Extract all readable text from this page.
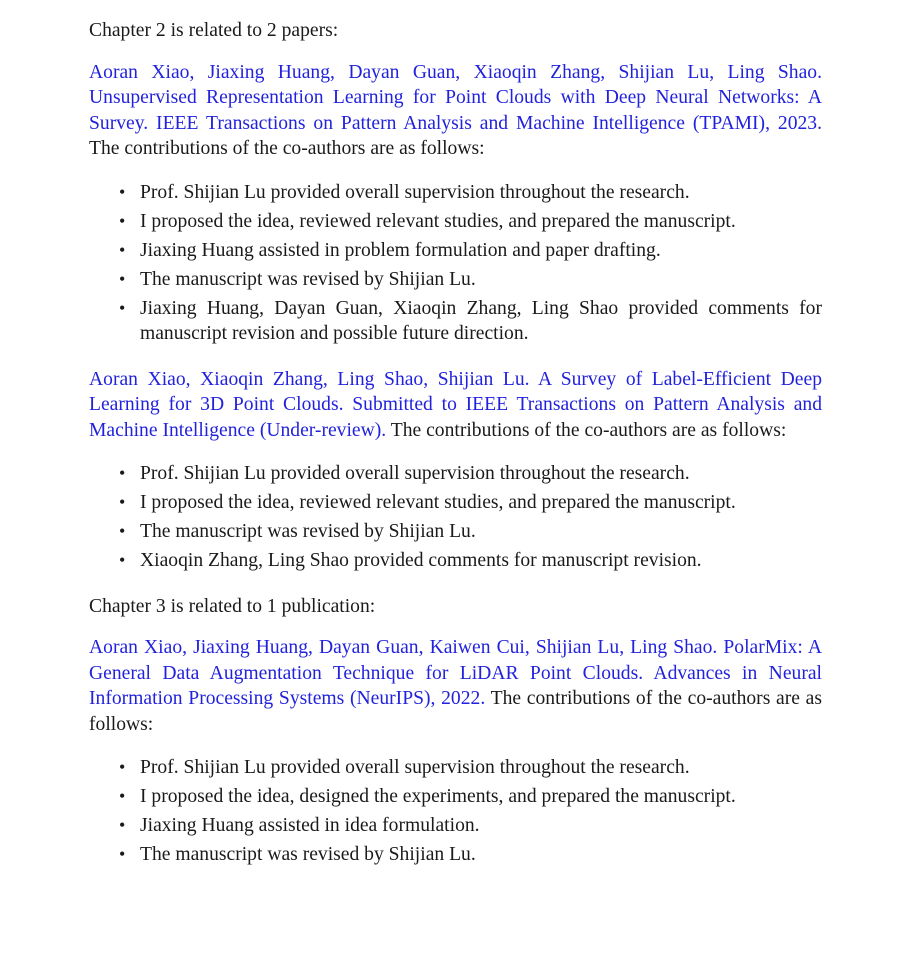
Chapter 2 is related to 2 papers:

Aoran Xiao, Jiaxing Huang, Dayan Guan, Xiaoqin Zhang, Shijian Lu, Ling Shao. Unsupervised Representation Learning for Point Clouds with Deep Neural Networks: A Survey. IEEE Transactions on Pattern Analysis and Machine Intelligence (TPAMI), 2023. The contributions of the co-authors are as follows:

• Prof. Shijian Lu provided overall supervision throughout the research.
• I proposed the idea, reviewed relevant studies, and prepared the manuscript.
• Jiaxing Huang assisted in problem formulation and paper drafting.
• The manuscript was revised by Shijian Lu.
• Jiaxing Huang, Dayan Guan, Xiaoqin Zhang, Ling Shao provided comments for manuscript revision and possible future direction.

Aoran Xiao, Xiaoqin Zhang, Ling Shao, Shijian Lu. A Survey of Label-Efficient Deep Learning for 3D Point Clouds. Submitted to IEEE Transactions on Pattern Analysis and Machine Intelligence (Under-review). The contributions of the co-authors are as follows:

• Prof. Shijian Lu provided overall supervision throughout the research.
• I proposed the idea, reviewed relevant studies, and prepared the manuscript.
• The manuscript was revised by Shijian Lu.
• Xiaoqin Zhang, Ling Shao provided comments for manuscript revision.

Chapter 3 is related to 1 publication:

Aoran Xiao, Jiaxing Huang, Dayan Guan, Kaiwen Cui, Shijian Lu, Ling Shao. PolarMix: A General Data Augmentation Technique for LiDAR Point Clouds. Advances in Neural Information Processing Systems (NeurIPS), 2022. The contributions of the co-authors are as follows:

• Prof. Shijian Lu provided overall supervision throughout the research.
• I proposed the idea, designed the experiments, and prepared the manuscript.
• Jiaxing Huang assisted in idea formulation.
• The manuscript was revised by Shijian Lu.
